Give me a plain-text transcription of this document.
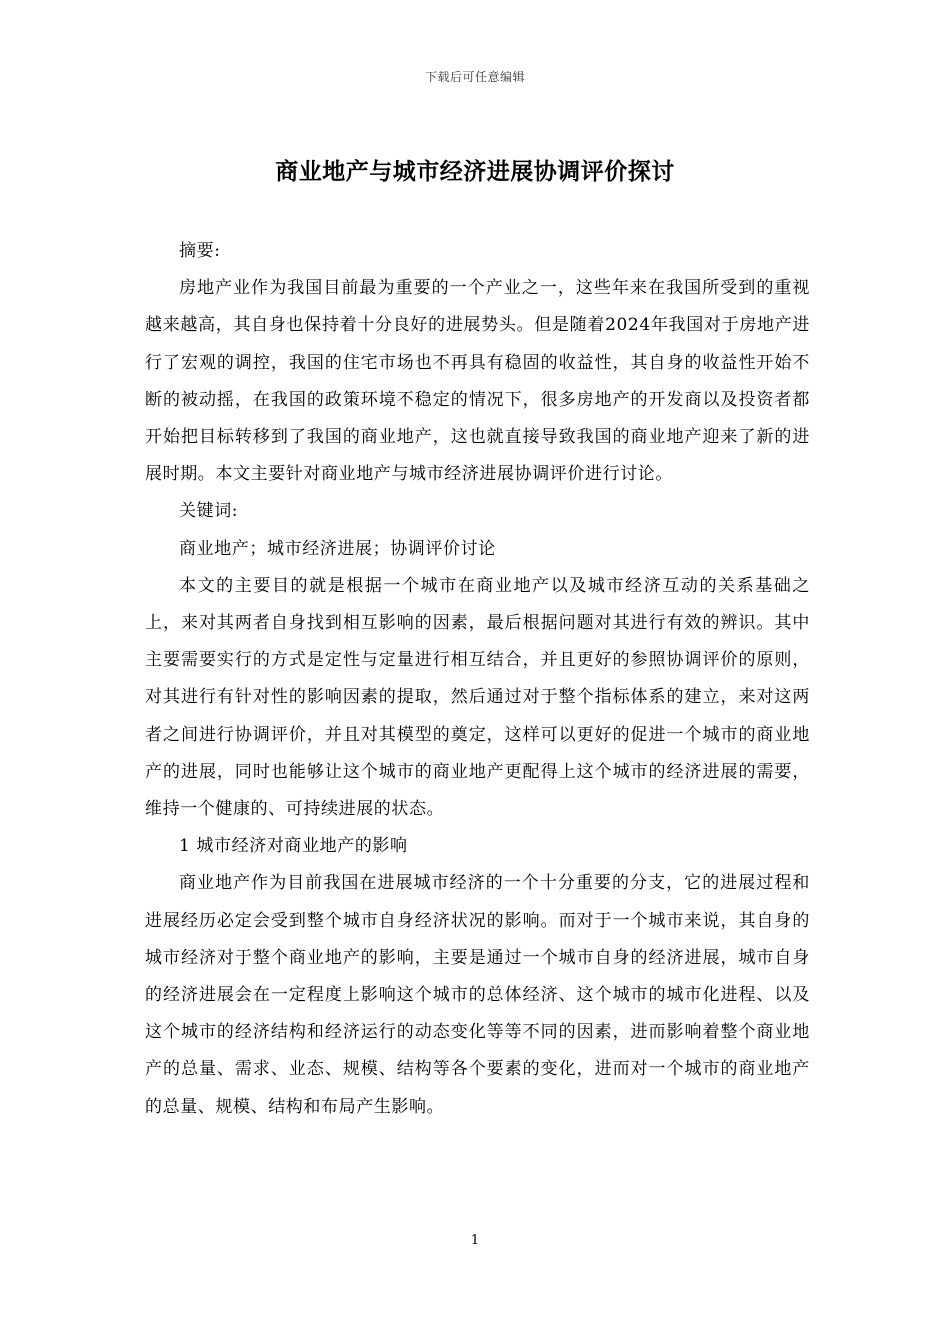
下载后可任意编辑
商业地产与城市经济进展协调评价探讨

摘要:

房地产业作为我国目前最为重要的一个产业之一，这些年来在我国所受到的重视越来越高，其自身也保持着十分良好的进展势头。但是随着2024年我国对于房地产进行了宏观的调控，我国的住宅市场也不再具有稳固的收益性，其自身的收益性开始不断的被动摇，在我国的政策环境不稳定的情况下，很多房地产的开发商以及投资者都开始把目标转移到了我国的商业地产，这也就直接导致我国的商业地产迎来了新的进展时期。本文主要针对商业地产与城市经济进展协调评价进行讨论。

关键词:

商业地产；城市经济进展；协调评价讨论

本文的主要目的就是根据一个城市在商业地产以及城市经济互动的关系基础之上，来对其两者自身找到相互影响的因素，最后根据问题对其进行有效的辨识。其中主要需要实行的方式是定性与定量进行相互结合，并且更好的参照协调评价的原则，对其进行有针对性的影响因素的提取，然后通过对于整个指标体系的建立，来对这两者之间进行协调评价，并且对其模型的奠定，这样可以更好的促进一个城市的商业地产的进展，同时也能够让这个城市的商业地产更配得上这个城市的经济进展的需要，维持一个健康的、可持续进展的状态。

1 城市经济对商业地产的影响

商业地产作为目前我国在进展城市经济的一个十分重要的分支，它的进展过程和进展经历必定会受到整个城市自身经济状况的影响。而对于一个城市来说，其自身的城市经济对于整个商业地产的影响，主要是通过一个城市自身的经济进展，城市自身的经济进展会在一定程度上影响这个城市的总体经济、这个城市的城市化进程、以及这个城市的经济结构和经济运行的动态变化等等不同的因素，进而影响着整个商业地产的总量、需求、业态、规模、结构等各个要素的变化，进而对一个城市的商业地产的总量、规模、结构和布局产生影响。

1
